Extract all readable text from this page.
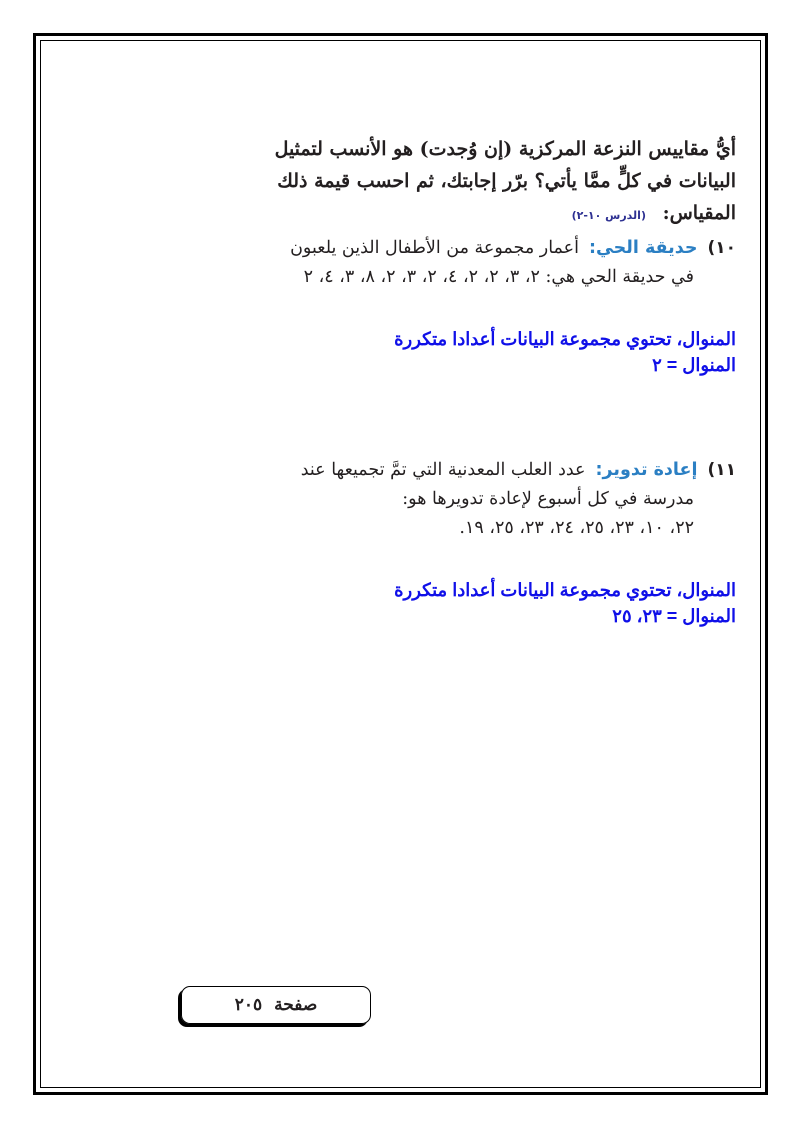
أيُّ مقاييس النزعة المركزية (إن وُجدت) هو الأنسب لتمثيل
البيانات في كلٍّ ممَّا يأتي؟ برّر إجابتك، ثم احسب قيمة ذلك
المقياس: (الدرس ١٠-٢)
١٠)حديقة الحي:أعمار مجموعة من الأطفال الذين يلعبون
في حديقة الحي هي: ٢، ٣، ٢، ٢، ٤، ٢، ٣، ٢، ٨، ٣، ٤، ٢
المنوال، تحتوي مجموعة البيانات أعدادا متكررة
المنوال = ٢
١١)إعادة تدوير:عدد العلب المعدنية التي تمَّ تجميعها عند
مدرسة في كل أسبوع لإعادة تدويرها هو:
٢٢، ١٠، ٢٣، ٢٥، ٢٤، ٢٣، ٢٥، ١٩.
المنوال، تحتوي مجموعة البيانات أعدادا متكررة
المنوال = ٢٣، ٢٥
صفحة
٢٠٥
